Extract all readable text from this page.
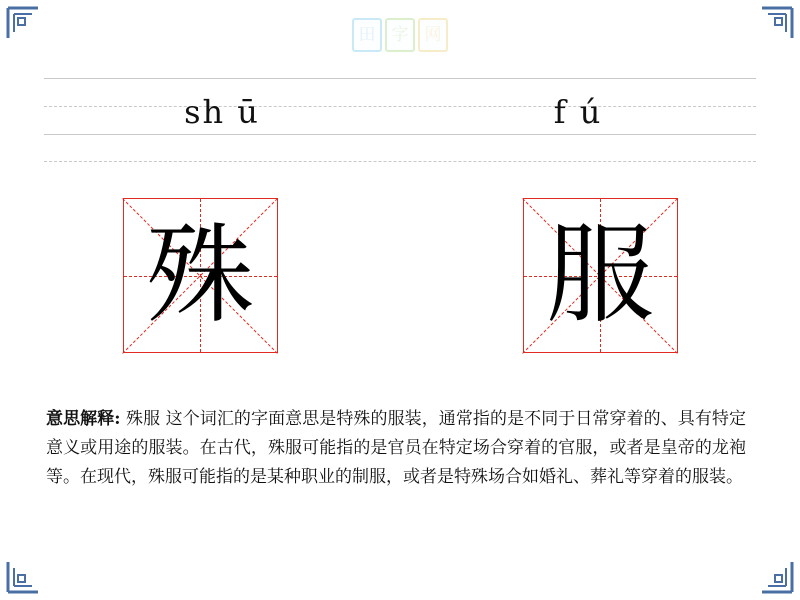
田 字 网
sh ū	f ú
殊	服
意思解释: 殊服 这个词汇的字面意思是特殊的服装，通常指的是不同于日常穿着的、具有特定意义或用途的服装。在古代，殊服可能指的是官员在特定场合穿着的官服，或者是皇帝的龙袍等。在现代，殊服可能指的是某种职业的制服，或者是特殊场合如婚礼、葬礼等穿着的服装。
